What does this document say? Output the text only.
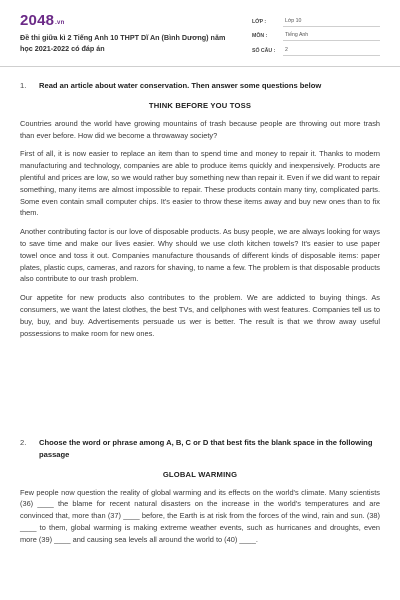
2048.vn
Đề thi giữa kì 2 Tiếng Anh 10 THPT Dĩ An (Bình Dương) năm học 2021-2022 có đáp án
LỚP :	Lớp 10
MÔN :	Tiếng Anh
SỐ CÂU :	2
1.	Read an article about water conservation. Then answer some questions below
THINK BEFORE YOU TOSS

Countries around the world have growing mountains of trash because people are throwing out more trash than ever before. How did we become a throwaway society?

First of all, it is now easier to replace an item than to spend time and money to repair it. Thanks to modern manufacturing and technology, companies are able to produce items quickly and inexpensively. Products are plentiful and prices are low, so we would rather buy something new than repair it. Even if we did want to repair something, many items are almost impossible to repair. These products contain many tiny, complicated parts. Some even contain small computer chips. It's easier to throw these items away and buy new ones than to fix them.

Another contributing factor is our love of disposable products. As busy people, we are always looking for ways to save time and make our lives easier. Why should we use cloth kitchen towels? It's easier to use paper towel once and toss it out. Companies manufacture thousands of different kinds of disposable items: paper plates, plastic cups, cameras, and razors for shaving, to name a few. The problem is that disposable products also contribute to our trash problem.

Our appetite for new products also contributes to the problem. We are addicted to buying things. As consumers, we want the latest clothes, the best TVs, and cellphones with west features. Companies tell us to buy, buy, and buy. Advertisements persuade us wer is better. The result is that we throw away useful possessions to make room for new ones.

2.	Choose the word or phrase among A, B, C or D that best fits the blank space in the following passage
GLOBAL WARMING

Few people now question the reality of global warming and its effects on the world's climate. Many scientists (36) ____ the blame for recent natural disasters on the increase in the world's temperatures and are convinced that, more than (37) ____ before, the Earth is at risk from the forces of the wind, rain and sun. (38) ____ to them, global warming is making extreme weather events, such as hurricanes and droughts, even more (39) ____ and causing sea levels all around the world to (40) ____.
